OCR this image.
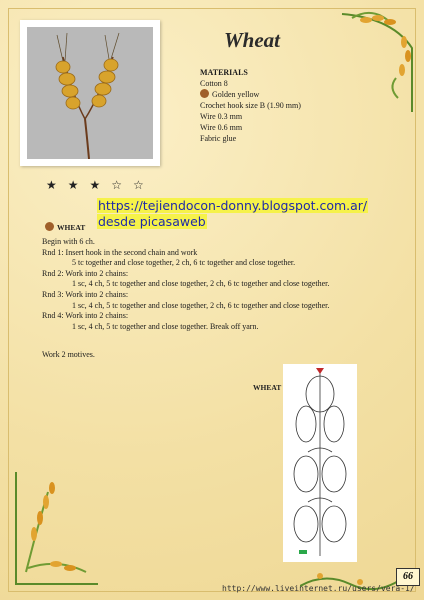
Wheat
MATERIALS
Cotton 8
Golden yellow
Crochet hook size B (1.90 mm)
Wire 0.3 mm
Wire 0.6 mm
Fabric glue
★ ★ ★ ☆ ☆
WHEAT
https://tejiendocon-donny.blogspot.com.ar/
desde picasaweb
Begin with 6 ch.
Rnd 1: Insert hook in the second chain and work
5 tc together and close together, 2 ch, 6 tc together and close together.
Rnd 2: Work into 2 chains:
1 sc, 4 ch, 5 tc together and close together, 2 ch, 6 tc together and close together.
Rnd 3: Work into 2 chains:
1 sc, 4 ch, 5 tc together and close together, 2 ch, 6 tc together and close together.
Rnd 4: Work into 2 chains:
1 sc, 4 ch, 5 tc together and close together. Break off yarn.
Work 2 motives.
WHEAT
66
http://www.liveinternet.ru/users/vera-1/
